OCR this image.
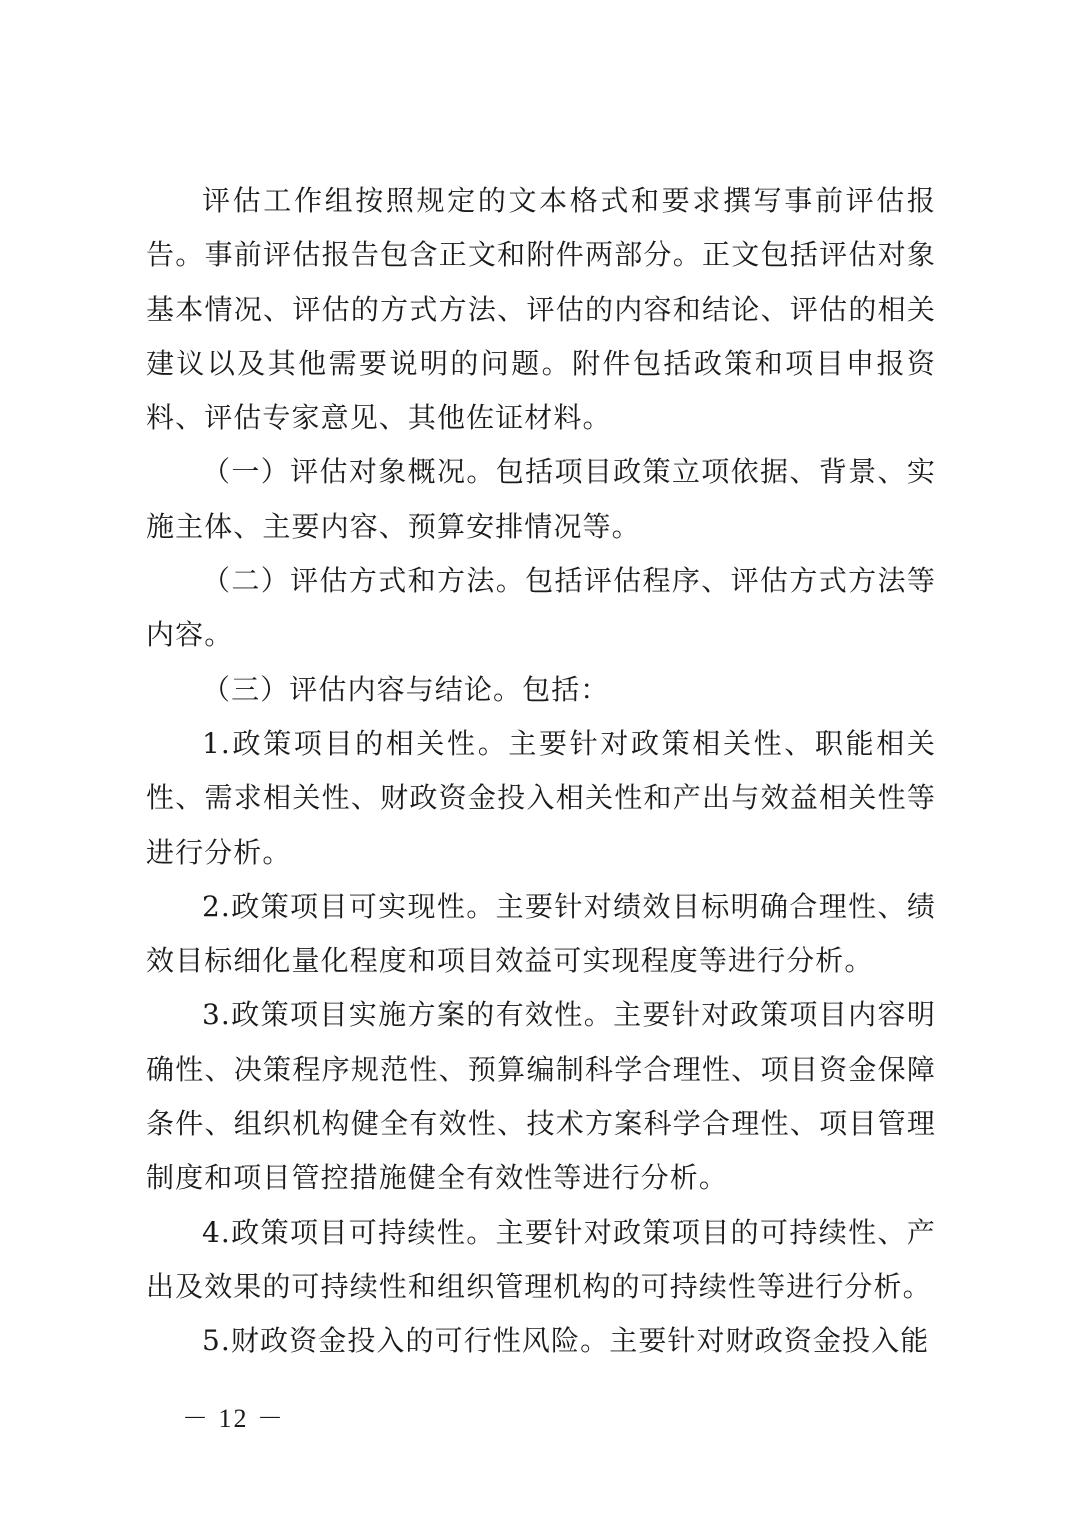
评估工作组按照规定的文本格式和要求撰写事前评估报告。事前评估报告包含正文和附件两部分。正文包括评估对象基本情况、评估的方式方法、评估的内容和结论、评估的相关建议以及其他需要说明的问题。附件包括政策和项目申报资料、评估专家意见、其他佐证材料。

（一）评估对象概况。包括项目政策立项依据、背景、实施主体、主要内容、预算安排情况等。

（二）评估方式和方法。包括评估程序、评估方式方法等内容。

（三）评估内容与结论。包括：

1.政策项目的相关性。主要针对政策相关性、职能相关性、需求相关性、财政资金投入相关性和产出与效益相关性等进行分析。

2.政策项目可实现性。主要针对绩效目标明确合理性、绩效目标细化量化程度和项目效益可实现程度等进行分析。

3.政策项目实施方案的有效性。主要针对政策项目内容明确性、决策程序规范性、预算编制科学合理性、项目资金保障条件、组织机构健全有效性、技术方案科学合理性、项目管理制度和项目管控措施健全有效性等进行分析。

4.政策项目可持续性。主要针对政策项目的可持续性、产出及效果的可持续性和组织管理机构的可持续性等进行分析。

5.财政资金投入的可行性风险。主要针对财政资金投入能

－ 12 －
